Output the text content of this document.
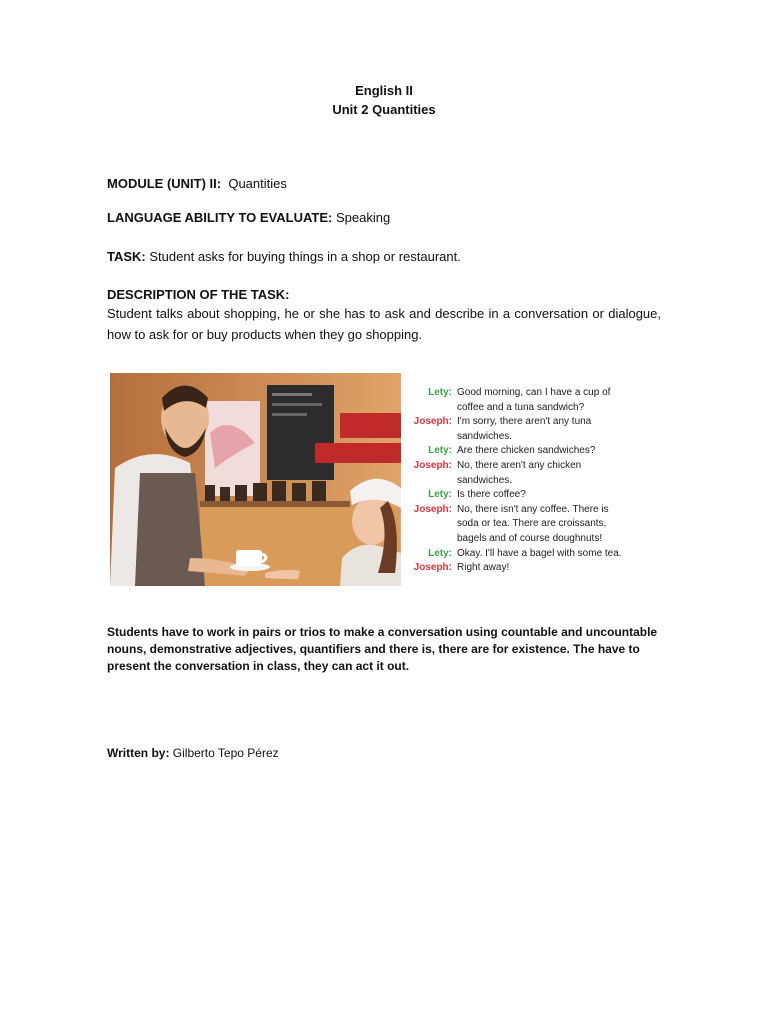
English II
Unit 2 Quantities
MODULE (UNIT) II: Quantities
LANGUAGE ABILITY TO EVALUATE: Speaking
TASK: Student asks for buying things in a shop or restaurant.
DESCRIPTION OF THE TASK:
Student talks about shopping, he or she has to ask and describe in a conversation or dialogue, how to ask for or buy products when they go shopping.
Lety: Good morning, can I have a cup of coffee and a tuna sandwich?
Joseph: I'm sorry, there aren't any tuna sandwiches.
Lety: Are there chicken sandwiches?
Joseph: No, there aren't any chicken sandwiches.
Lety: Is there coffee?
Joseph: No, there isn't any coffee. There is soda or tea. There are croissants, bagels and of course doughnuts!
Lety: Okay. I'll have a bagel with some tea.
Joseph: Right away!
Students have to work in pairs or trios to make a conversation using countable and uncountable nouns, demonstrative adjectives, quantifiers and there is, there are for existence. The have to present the conversation in class, they can act it out.
Written by: Gilberto Tepo Pérez
